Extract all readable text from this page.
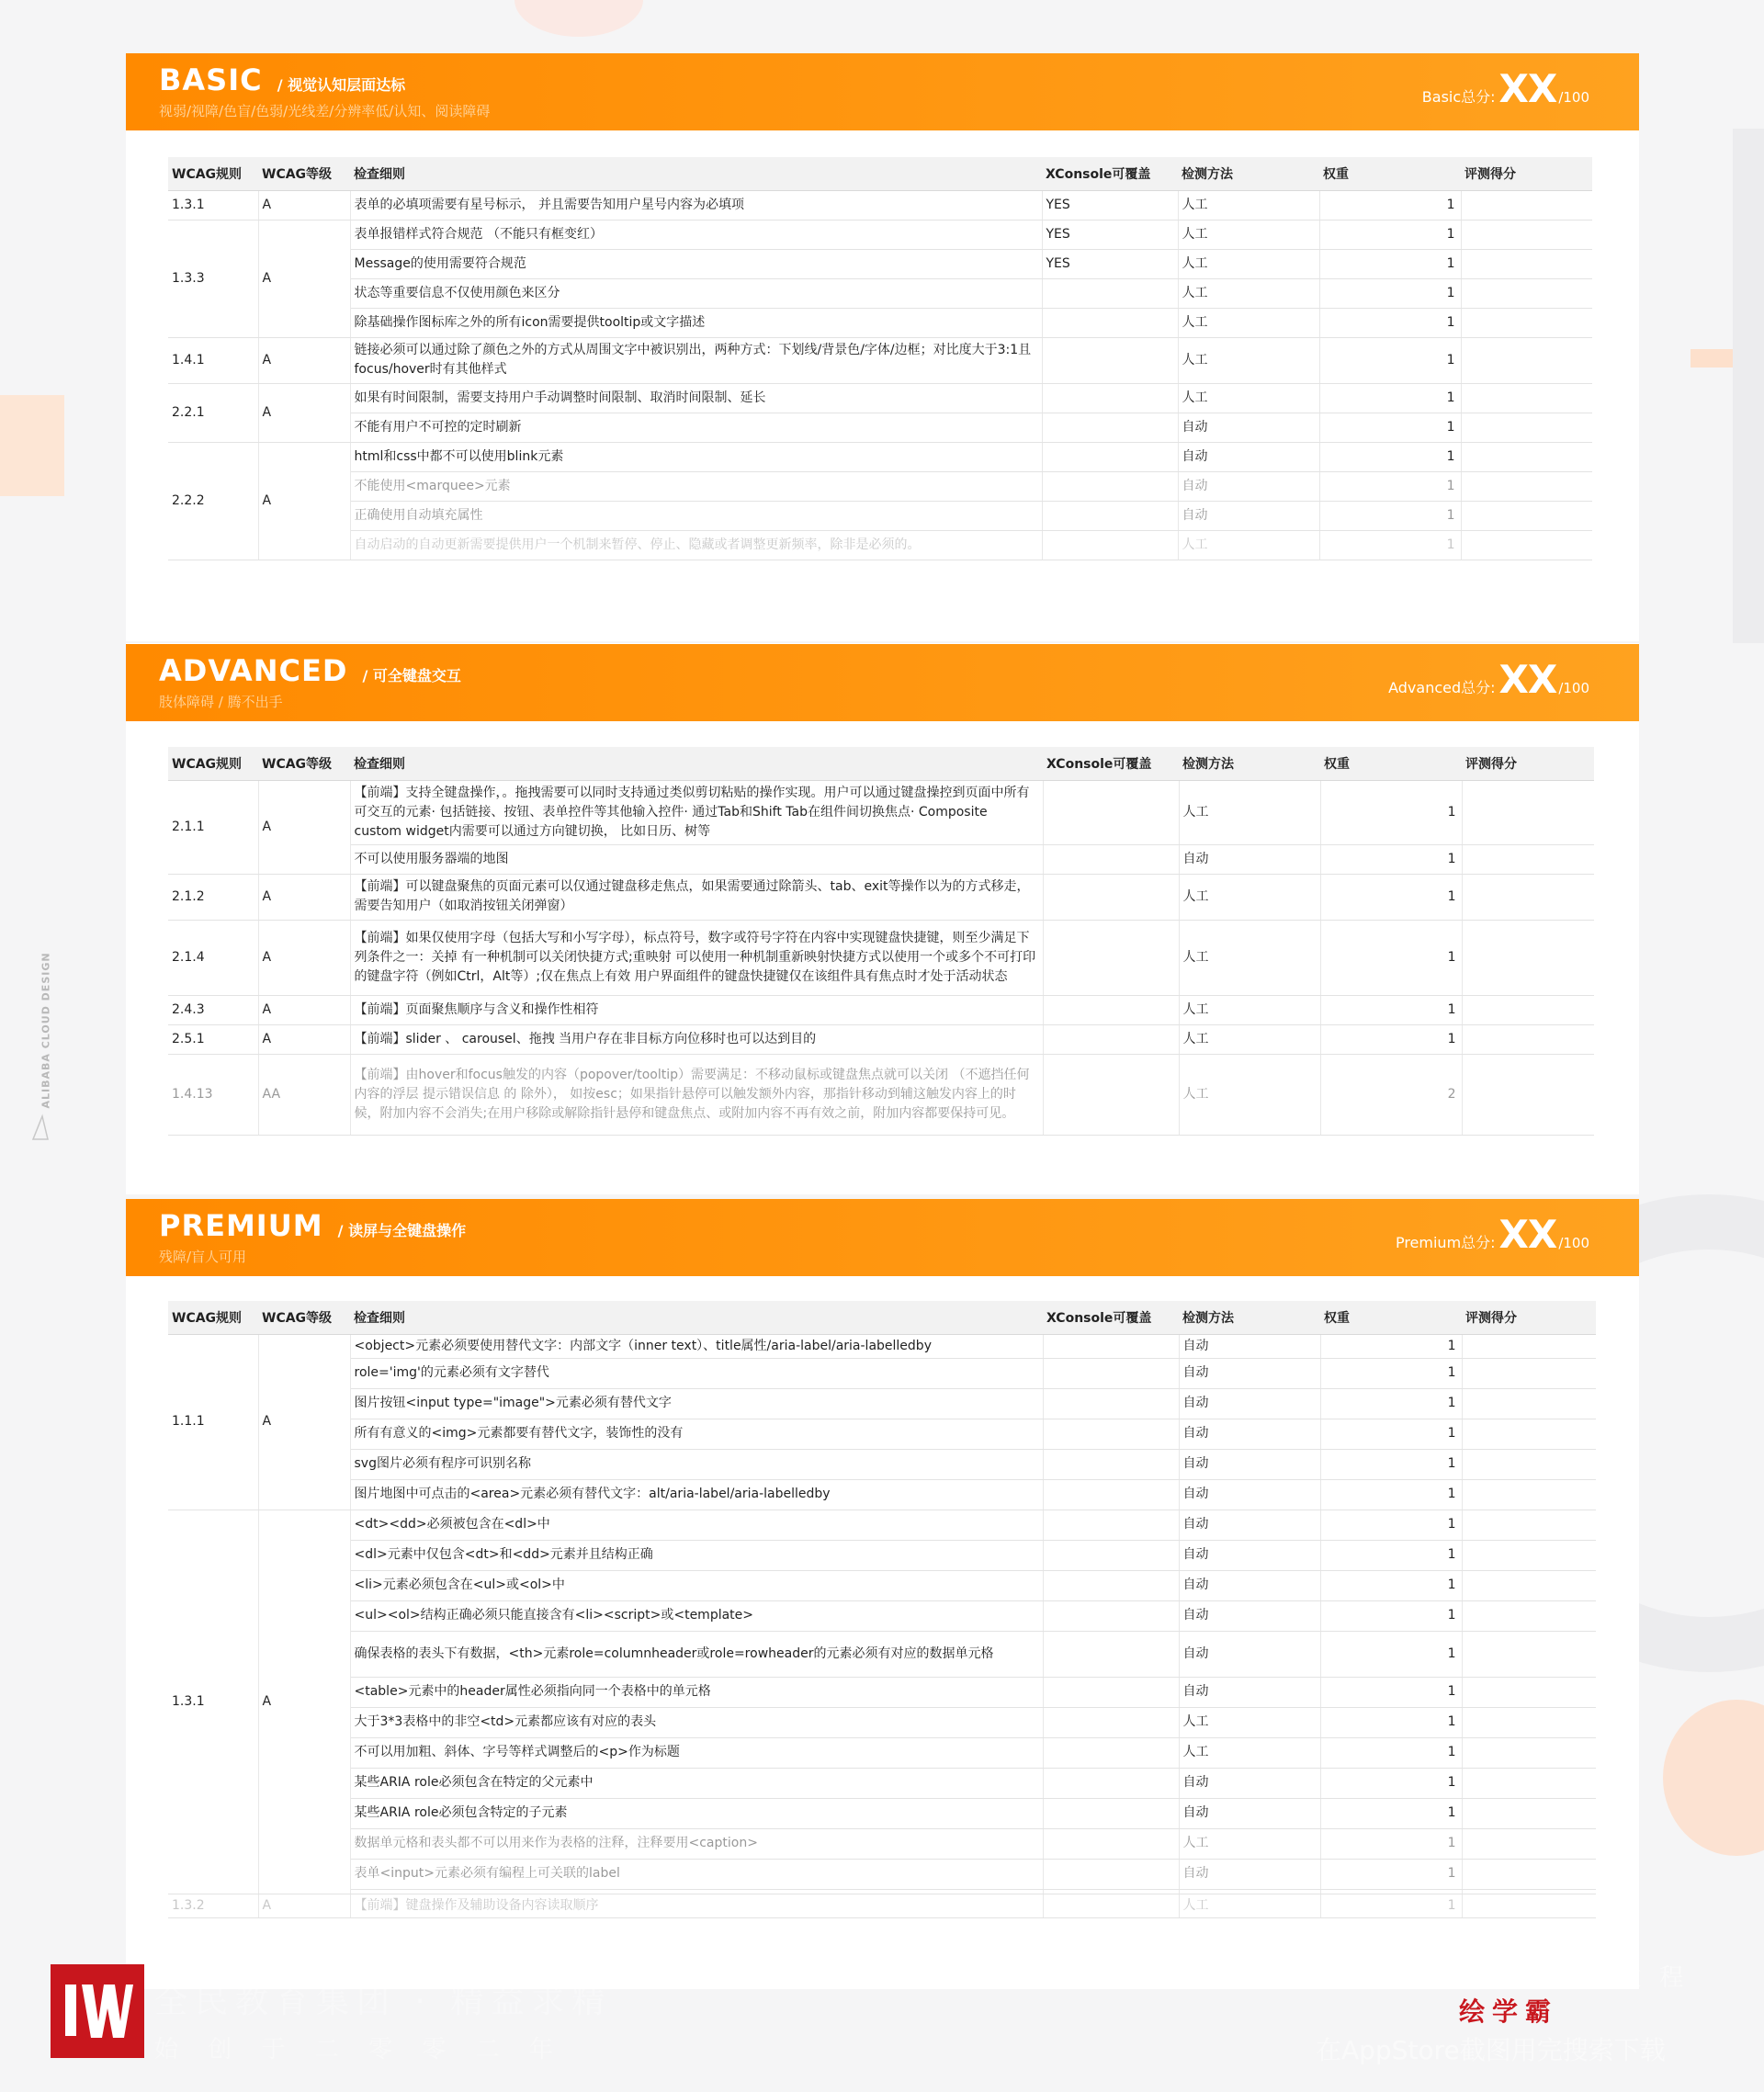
BASIC / 视觉认知层面达标
视弱/视障/色盲/色弱/光线差/分辨率低/认知、阅读障碍
Basic总分:XX /100
ADVANCED / 可全键盘交互
肢体障碍 / 腾不出手
Advanced总分:XX /100
PREMIUM / 读屏与全键盘操作
残障/盲人可用
Premium总分:XX /100
WCAG规则	WCAG等级	检查细则	XConsole可覆盖	检测方法	权重	评测得分
1.3.1	A	表单的必填项需要有星号标示， 并且需要告知用户星号内容为必填项	YES	人工	1	
1.3.3	A	表单报错样式符合规范 （不能只有框变红）	YES	人工	1	
		Message的使用需要符合规范	YES	人工	1	
		状态等重要信息不仅使用颜色来区分		人工	1	
		除基础操作图标库之外的所有icon需要提供tooltip或文字描述		人工	1	
1.4.1	A	链接必须可以通过除了颜色之外的方式从周围文字中被识别出，两种方式：下划线/背景色/字体/边框；对比度大于3:1且focus/hover时有其他样式		人工	1	
2.2.1	A	如果有时间限制，需要支持用户手动调整时间限制、取消时间限制、延长		人工	1	
		不能有用户不可控的定时刷新		自动	1	
2.2.2	A	html和css中都不可以使用blink元素		自动	1	
		不能使用<marquee>元素		自动	1	
		正确使用自动填充属性		自动	1	
		自动启动的自动更新需要提供用户一个机制来暂停、停止、隐藏或者调整更新频率，除非是必须的。		人工	1	
WCAG规则	WCAG等级	检查细则	XConsole可覆盖	检测方法	权重	评测得分
2.1.1	A	【前端】支持全键盘操作，。拖拽需要可以同时支持通过类似剪切粘贴的操作实现。用户可以通过键盘操控到页面中所有可交互的元素· 包括链接、按钮、表单控件等其他输入控件· 通过Tab和Shift Tab在组件间切换焦点· Composite custom widget内需要可以通过方向键切换， 比如日历、树等		人工	1	
		不可以使用服务器端的地图		自动	1	
2.1.2	A	【前端】可以键盘聚焦的页面元素可以仅通过键盘移走焦点，如果需要通过除箭头、tab、exit等操作以为的方式移走，需要告知用户（如取消按钮关闭弹窗）		人工	1	
2.1.4	A	【前端】如果仅使用字母（包括大写和小写字母），标点符号，数字或符号字符在内容中实现键盘快捷键，则至少满足下列条件之一：关掉 有一种机制可以关闭快捷方式;重映射 可以使用一种机制重新映射快捷方式以使用一个或多个不可打印的键盘字符（例如Ctrl，Alt等）;仅在焦点上有效 用户界面组件的键盘快捷键仅在该组件具有焦点时才处于活动状态		人工	1	
2.4.3	A	【前端】页面聚焦顺序与含义和操作性相符		人工	1	
2.5.1	A	【前端】slider 、 carousel、拖拽 当用户存在非目标方向位移时也可以达到目的		人工	1	
1.4.13	AA	【前端】由hover和focus触发的内容（popover/tooltip）需要满足：不移动鼠标或键盘焦点就可以关闭 （不遮挡任何内容的浮层 提示错误信息 的 除外）， 如按esc；如果指针悬停可以触发额外内容，那指针移动到辅这触发内容上的时候，附加内容不会消失;在用户移除或解除指针悬停和键盘焦点、或附加内容不再有效之前，附加内容都要保持可见。		人工	2	
WCAG规则	WCAG等级	检查细则	XConsole可覆盖	检测方法	权重	评测得分
1.1.1	A	<object>元素必须要使用替代文字：内部文字（inner text）、title属性/aria-label/aria-labelledby		自动	1	
		role='img'的元素必须有文字替代		自动	1	
		图片按钮<input type="image">元素必须有替代文字		自动	1	
		所有有意义的<img>元素都要有替代文字，装饰性的没有		自动	1	
		svg图片必须有程序可识别名称		自动	1	
		图片地图中可点击的<area>元素必须有替代文字：alt/aria-label/aria-labelledby		自动	1	
1.3.1	A	<dt><dd>必须被包含在<dl>中		自动	1	
		<dl>元素中仅包含<dt>和<dd>元素并且结构正确		自动	1	
		<li>元素必须包含在<ul>或<ol>中		自动	1	
		<ul><ol>结构正确必须只能直接含有<li><script>或<template>		自动	1	
		确保表格的表头下有数据，<th>元素role=columnheader或role=rowheader的元素必须有对应的数据单元格		自动	1	
		<table>元素中的header属性必须指向同一个表格中的单元格		自动	1	
		大于3*3表格中的非空<td>元素都应该有对应的表头		人工	1	
		不可以用加粗、斜体、字号等样式调整后的<p>作为标题		人工	1	
		某些ARIA role必须包含在特定的父元素中		自动	1	
		某些ARIA role必须包含特定的子元素		自动	1	
		数据单元格和表头都不可以用来作为表格的注释，注释要用<caption>		人工	1	
		表单<input>元素必须有编程上可关联的label		自动	1	

1.3.2	A	【前端】键盘操作及辅助设备内容读取顺序		人工	1	
ALIBABA CLOUD DESIGN
全民教育集团 · 精益求精
始 创 于 二 零 零 二 年
绘学霸
教 程
在AppStore截图用完搜索下载
